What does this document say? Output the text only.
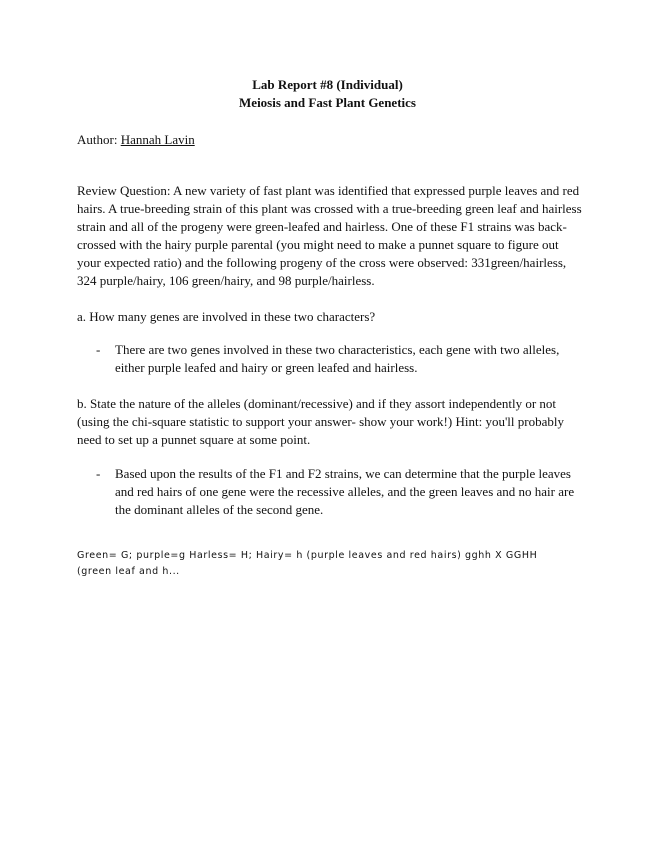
Lab Report #8 (Individual)
Meiosis and Fast Plant Genetics
Author: Hannah Lavin

Review Question: A new variety of fast plant was identified that expressed purple leaves and red hairs. A true-breeding strain of this plant was crossed with a true-breeding green leaf and hairless strain and all of the progeny were green-leafed and hairless. One of these F1 strains was back-crossed with the hairy purple parental (you might need to make a punnet square to figure out your expected ratio) and the following progeny of the cross were observed: 331green/hairless, 324 purple/hairy, 106 green/hairy, and 98 purple/hairless.

a. How many genes are involved in these two characters?

- There are two genes involved in these two characteristics, each gene with two alleles, either purple leafed and hairy or green leafed and hairless.

b. State the nature of the alleles (dominant/recessive) and if they assort independently or not (using the chi-square statistic to support your answer- show your work!) Hint: you'll probably need to set up a punnet square at some point.

- Based upon the results of the F1 and F2 strains, we can determine that the purple leaves and red hairs of one gene were the recessive alleles, and the green leaves and no hair are the dominant alleles of the second gene.

Green= G; purple=g Harless= H; Hairy= h (purple leaves and red hairs) gghh X GGHH (green leaf and h...
